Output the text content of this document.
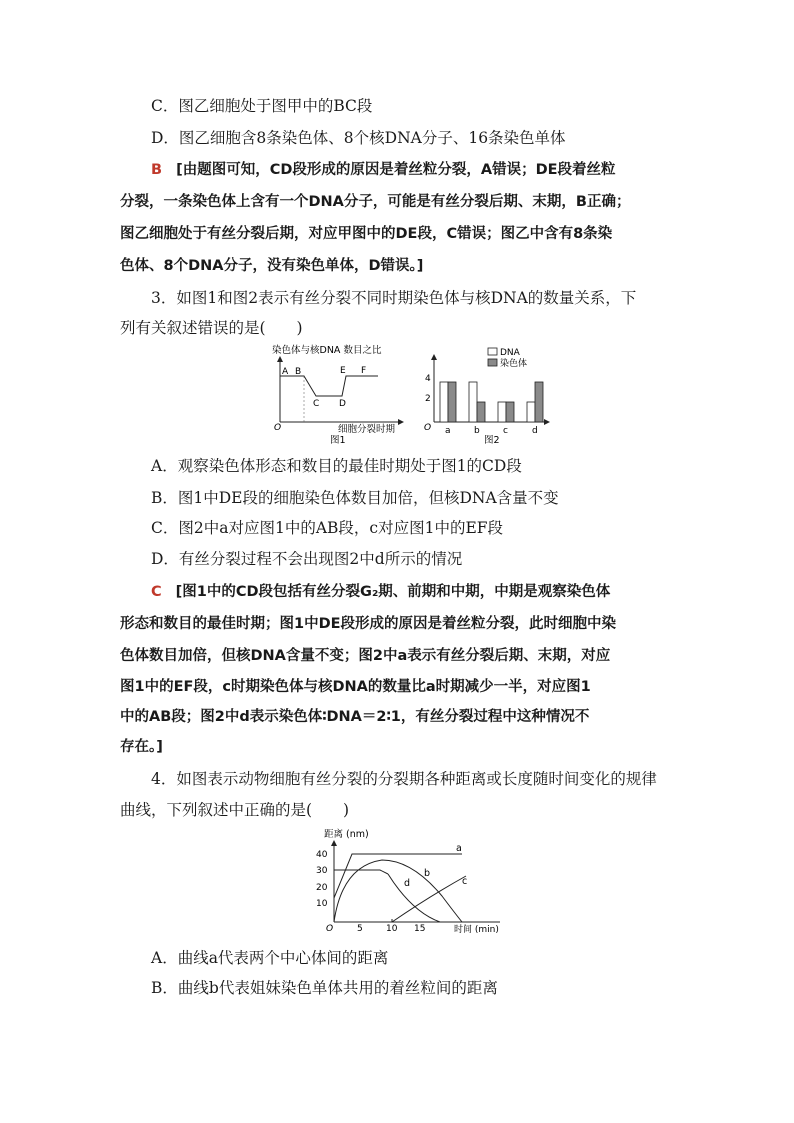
C．图乙细胞处于图甲中的BC段
D．图乙细胞含8条染色体、8个核DNA分子、16条染色单体
B [由题图可知，CD段形成的原因是着丝粒分裂，A错误；DE段着丝粒
分裂，一条染色体上含有一个DNA分子，可能是有丝分裂后期、末期，B正确；
图乙细胞处于有丝分裂后期，对应甲图中的DE段，C错误；图乙中含有8条染
色体、8个DNA分子，没有染色单体，D错误。]
3．如图1和图2表示有丝分裂不同时期染色体与核DNA的数量关系，下
列有关叙述错误的是(　　)
染色体与核DNA 数目之比
O
A B
C D
E F
细胞分裂时期
图1
DNA
染色体
O
4
2
a	b	c	d
图2
A．观察染色体形态和数目的最佳时期处于图1的CD段
B．图1中DE段的细胞染色体数目加倍，但核DNA含量不变
C．图2中a对应图1中的AB段，c对应图1中的EF段
D．有丝分裂过程不会出现图2中d所示的情况
C [图1中的CD段包括有丝分裂G₂期、前期和中期，中期是观察染色体
形态和数目的最佳时期；图1中DE段形成的原因是着丝粒分裂，此时细胞中染
色体数目加倍，但核DNA含量不变；图2中a表示有丝分裂后期、末期，对应
图1中的EF段，c时期染色体与核DNA的数量比a时期减少一半，对应图1
中的AB段；图2中d表示染色体∶DNA＝2∶1，有丝分裂过程中这种情况不
存在。]
4．如图表示动物细胞有丝分裂的分裂期各种距离或长度随时间变化的规律
曲线，下列叙述中正确的是(　　)
距离 (nm)
40
30
20
10
O	5	10 15	时间 (min)
a
b
c
d
A．曲线a代表两个中心体间的距离
B．曲线b代表姐妹染色单体共用的着丝粒间的距离
